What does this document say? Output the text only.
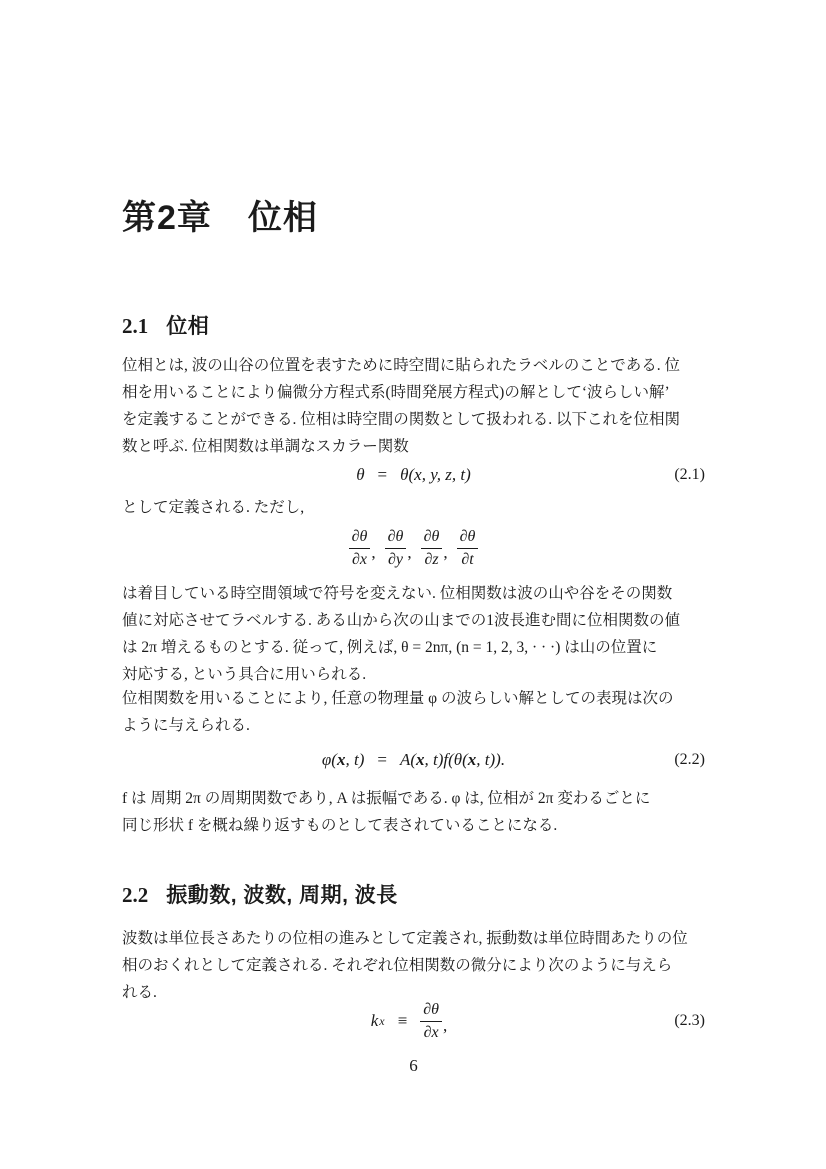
第2章 位相
2.1 位相
位相とは, 波の山谷の位置を表すために時空間に貼られたラベルのことである. 位
相を用いることにより偏微分方程式系(時間発展方程式)の解として‘波らしい解’
を定義することができる. 位相は時空間の関数として扱われる. 以下これを位相関
数と呼ぶ. 位相関数は単調なスカラー関数
θ = θ(x, y, z, t)	(2.1)
として定義される. ただし,
$\frac{\partial\theta}{\partial x}$ , $\frac{\partial\theta}{\partial y}$ , $\frac{\partial\theta}{\partial z}$ , $\frac{\partial\theta}{\partial t}$
は着目している時空間領域で符号を変えない. 位相関数は波の山や谷をその関数
値に対応させてラベルする. ある山から次の山までの1波長進む間に位相関数の値
は 2π 増えるものとする. 従って, 例えば, θ = 2nπ, (n = 1, 2, 3, · · ·) は山の位置に
対応する, という具合に用いられる.
位相関数を用いることにより, 任意の物理量 φ の波らしい解としての表現は次の
ように与えられる.
φ( x , t) = A( x , t)f(θ( x , t)).	(2.2)
f は 周期 2π の周期関数であり, A は振幅である. φ は, 位相が 2π 変わるごとに
同じ形状 f を概ね繰り返すものとして表されていることになる.
2.2 振動数, 波数, 周期, 波長
波数は単位長さあたりの位相の進みとして定義され, 振動数は単位時間あたりの位
相のおくれとして定義される. それぞれ位相関数の微分により次のように与えら
れる.
k $x \equiv \frac{\partial\theta}{\partial x}$ ,	(2.3)
6
